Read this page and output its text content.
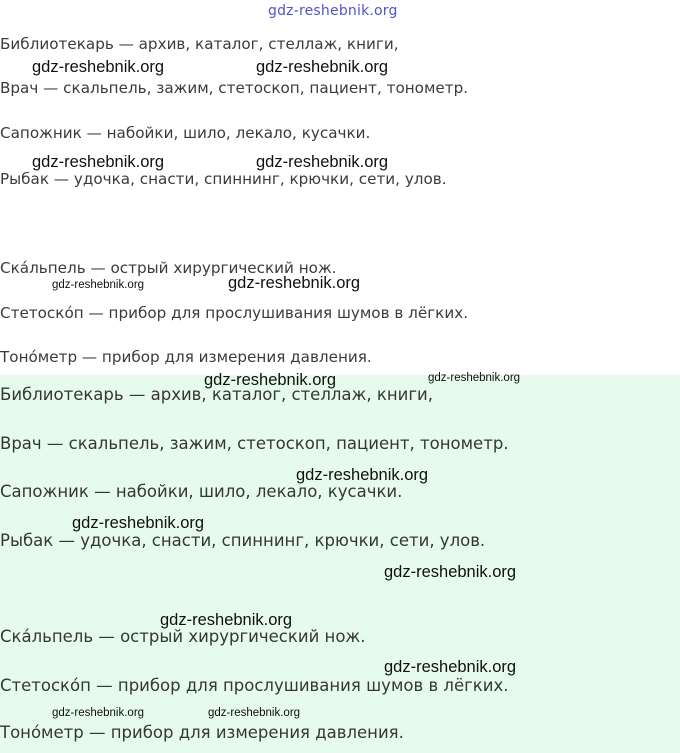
gdz-reshebnik.org
Библиотекарь — архив, каталог, стеллаж, книги,
Врач — скальпель, зажим, стетоскоп, пациент, тонометр.
Сапожник — набойки, шило, лекало, кусачки.
Рыбак — удочка, снасти, спиннинг, крючки, сети, улов.
Ска́льпель — острый хирургический нож.
Стетоско́п — прибор для прослушивания шумов в лёгких.
Тоно́метр — прибор для измерения давления.
Библиотекарь — архив, каталог, стеллаж, книги,
Врач — скальпель, зажим, стетоскоп, пациент, тонометр.
Сапожник — набойки, шило, лекало, кусачки.
Рыбак — удочка, снасти, спиннинг, крючки, сети, улов.
Ска́льпель — острый хирургический нож.
Стетоско́п — прибор для прослушивания шумов в лёгких.
Тоно́метр — прибор для измерения давления.
gdz-reshebnik.org	gdz-reshebnik.org
gdz-reshebnik.org	gdz-reshebnik.org
gdz-reshebnik.org	gdz-reshebnik.org
gdz-reshebnik.org	gdz-reshebnik.org
gdz-reshebnik.org
gdz-reshebnik.org
gdz-reshebnik.org
gdz-reshebnik.org
gdz-reshebnik.org
gdz-reshebnik.org	gdz-reshebnik.org
